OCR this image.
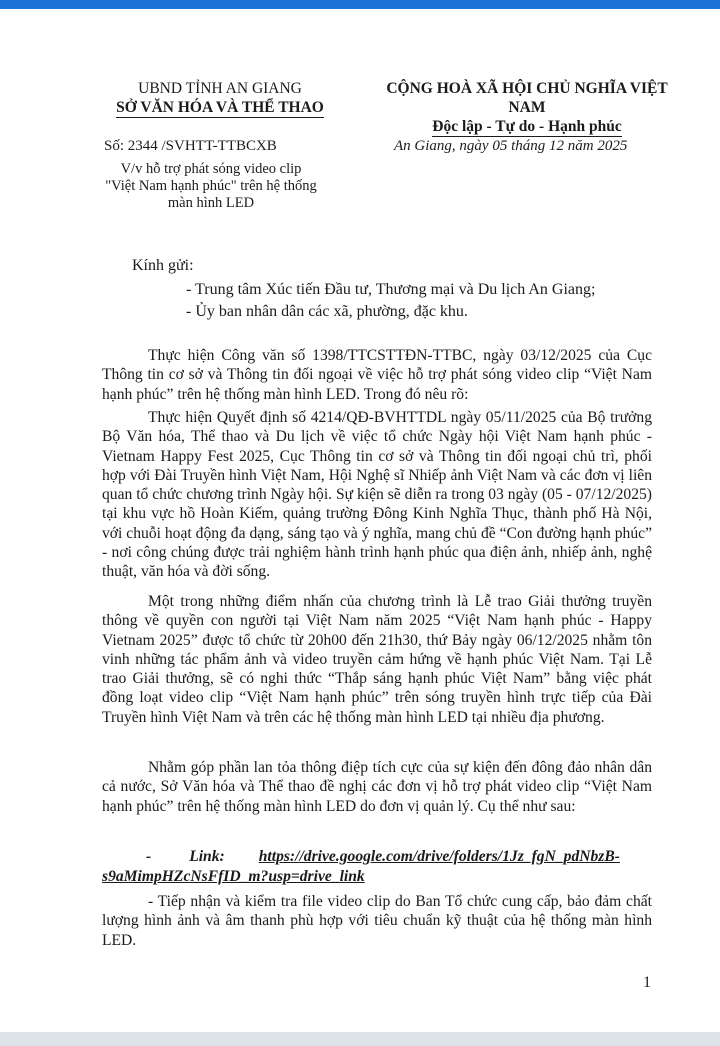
UBND TỈNH AN GIANG
SỞ VĂN HÓA VÀ THỂ THAO
CỘNG HOÀ XÃ HỘI CHỦ NGHĨA VIỆT NAM
Độc lập - Tự do - Hạnh phúc
Số: 2344 /SVHTT-TTBCXB	An Giang, ngày 05 tháng 12 năm 2025
V/v hỗ trợ phát sóng video clip
"Việt Nam hạnh phúc" trên hệ thống
màn hình LED
Kính gửi:
- Trung tâm Xúc tiến Đầu tư, Thương mại và Du lịch An Giang;
- Ủy ban nhân dân các xã, phường, đặc khu.

Thực hiện Công văn số 1398/TTCSTTĐN-TTBC, ngày 03/12/2025 của Cục Thông tin cơ sở và Thông tin đối ngoại về việc hỗ trợ phát sóng video clip “Việt Nam hạnh phúc” trên hệ thống màn hình LED. Trong đó nêu rõ:

Thực hiện Quyết định số 4214/QĐ-BVHTTDL ngày 05/11/2025 của Bộ trưởng Bộ Văn hóa, Thể thao và Du lịch về việc tổ chức Ngày hội Việt Nam hạnh phúc - Vietnam Happy Fest 2025, Cục Thông tin cơ sở và Thông tin đối ngoại chủ trì, phối hợp với Đài Truyền hình Việt Nam, Hội Nghệ sĩ Nhiếp ảnh Việt Nam và các đơn vị liên quan tổ chức chương trình Ngày hội. Sự kiện sẽ diễn ra trong 03 ngày (05 - 07/12/2025) tại khu vực hồ Hoàn Kiếm, quảng trường Đông Kinh Nghĩa Thục, thành phố Hà Nội, với chuỗi hoạt động đa dạng, sáng tạo và ý nghĩa, mang chủ đề “Con đường hạnh phúc” - nơi công chúng được trải nghiệm hành trình hạnh phúc qua điện ảnh, nhiếp ảnh, nghệ thuật, văn hóa và đời sống.

Một trong những điểm nhấn của chương trình là Lễ trao Giải thưởng truyền thông về quyền con người tại Việt Nam năm 2025 “Việt Nam hạnh phúc - Happy Vietnam 2025” được tổ chức từ 20h00 đến 21h30, thứ Bảy ngày 06/12/2025 nhằm tôn vinh những tác phẩm ảnh và video truyền cảm hứng về hạnh phúc Việt Nam. Tại Lễ trao Giải thưởng, sẽ có nghi thức “Thắp sáng hạnh phúc Việt Nam” bằng việc phát đồng loạt video clip “Việt Nam hạnh phúc” trên sóng truyền hình trực tiếp của Đài Truyền hình Việt Nam và trên các hệ thống màn hình LED tại nhiều địa phương.

Nhằm góp phần lan tỏa thông điệp tích cực của sự kiện đến đông đảo nhân dân cả nước, Sở Văn hóa và Thể thao đề nghị các đơn vị hỗ trợ phát video clip “Việt Nam hạnh phúc” trên hệ thống màn hình LED do đơn vị quản lý. Cụ thể như sau:

- Link: https://drive.google.com/drive/folders/1Jz_fgN_pdNbzB-
s9aMimpHZcNsFfID_m?usp=drive_link

- Tiếp nhận và kiểm tra file video clip do Ban Tổ chức cung cấp, bảo đảm chất lượng hình ảnh và âm thanh phù hợp với tiêu chuẩn kỹ thuật của hệ thống màn hình LED.

1
